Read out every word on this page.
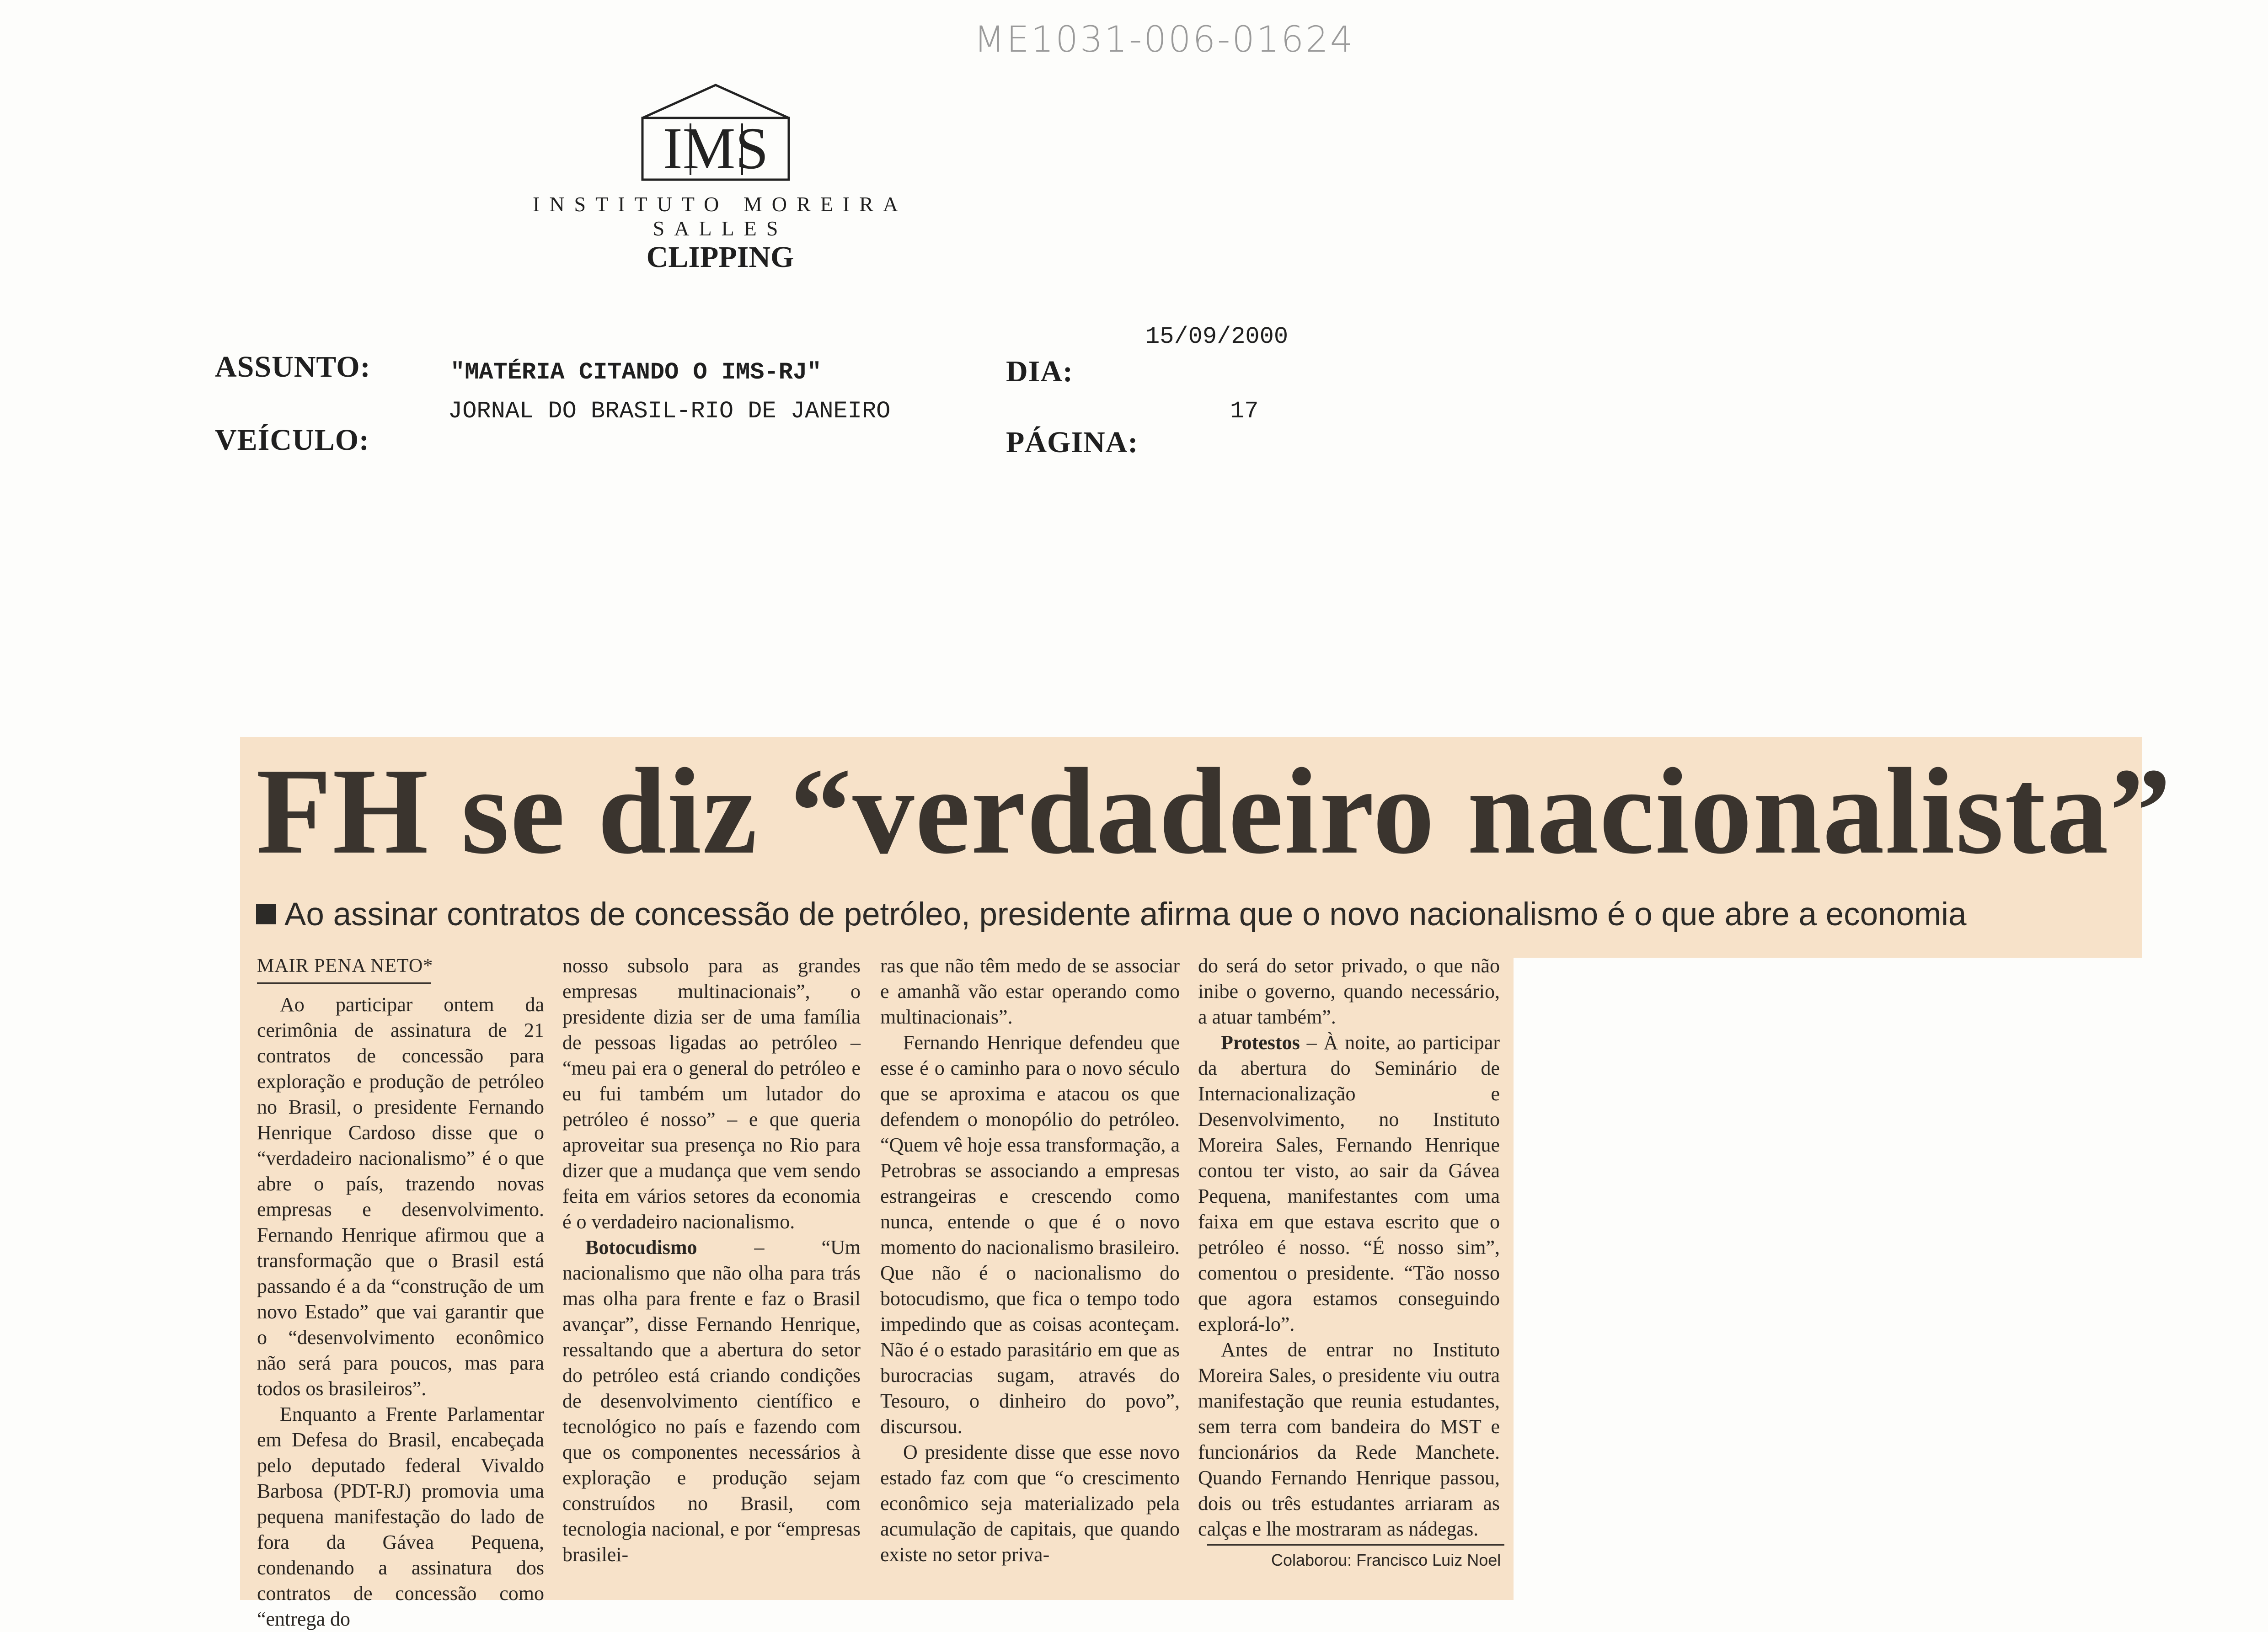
ME1031-006-01624
IMS
INSTITUTO MOREIRA SALLES
CLIPPING
ASSUNTO:	"MATÉRIA CITANDO O IMS-RJ"
VEÍCULO:
JORNAL DO BRASIL-RIO DE JANEIRO
15/09/2000
DIA:
17
PÁGINA:
FH se diz “verdadeiro nacionalista”
Ao assinar contratos de concessão de petróleo, presidente afirma que o novo nacionalismo é o que abre a economia
MAIR PENA NETO*

Ao participar ontem da cerimônia de assinatura de 21 contratos de concessão para exploração e produção de petróleo no Brasil, o presidente Fernando Henrique Cardoso disse que o “verdadeiro nacionalismo” é o que abre o país, trazendo novas empresas e desenvolvimento. Fernando Henrique afirmou que a transformação que o Brasil está passando é a da “construção de um novo Estado” que vai garantir que o “desenvolvimento econômico não será para poucos, mas para todos os brasileiros”.

Enquanto a Frente Parlamentar em Defesa do Brasil, encabeçada pelo deputado federal Vivaldo Barbosa (PDT-RJ) promovia uma pequena manifestação do lado de fora da Gávea Pequena, condenando a assinatura dos contratos de concessão como “entrega do

nosso subsolo para as grandes empresas multinacionais”, o presidente dizia ser de uma família de pessoas ligadas ao petróleo – “meu pai era o general do petróleo e eu fui também um lutador do petróleo é nosso” – e que queria aproveitar sua presença no Rio para dizer que a mudança que vem sendo feita em vários setores da economia é o verdadeiro nacionalismo.

Botocudismo – “Um nacionalismo que não olha para trás mas olha para frente e faz o Brasil avançar”, disse Fernando Henrique, ressaltando que a abertura do setor do petróleo está criando condições de desenvolvimento científico e tecnológico no país e fazendo com que os componentes necessários à exploração e produção sejam construídos no Brasil, com tecnologia nacional, e por “empresas brasilei-

ras que não têm medo de se associar e amanhã vão estar operando como multinacionais”.

Fernando Henrique defendeu que esse é o caminho para o novo século que se aproxima e atacou os que defendem o monopólio do petróleo. “Quem vê hoje essa transformação, a Petrobras se associando a empresas estrangeiras e crescendo como nunca, entende o que é o novo momento do nacionalismo brasileiro. Que não é o nacionalismo do botocudismo, que fica o tempo todo impedindo que as coisas aconteçam. Não é o estado parasitário em que as burocracias sugam, através do Tesouro, o dinheiro do povo”, discursou.

O presidente disse que esse novo estado faz com que “o crescimento econômico seja materializado pela acumulação de capitais, que quando existe no setor priva-

do será do setor privado, o que não inibe o governo, quando necessário, a atuar também”.

Protestos – À noite, ao participar da abertura do Seminário de Internacionalização e Desenvolvimento, no Instituto Moreira Sales, Fernando Henrique contou ter visto, ao sair da Gávea Pequena, manifestantes com uma faixa em que estava escrito que o petróleo é nosso. “É nosso sim”, comentou o presidente. “Tão nosso que agora estamos conseguindo explorá-lo”.

Antes de entrar no Instituto Moreira Sales, o presidente viu outra manifestação que reunia estudantes, sem terra com bandeira do MST e funcionários da Rede Manchete. Quando Fernando Henrique passou, dois ou três estudantes arriaram as calças e lhe mostraram as nádegas.

Colaborou: Francisco Luiz Noel
